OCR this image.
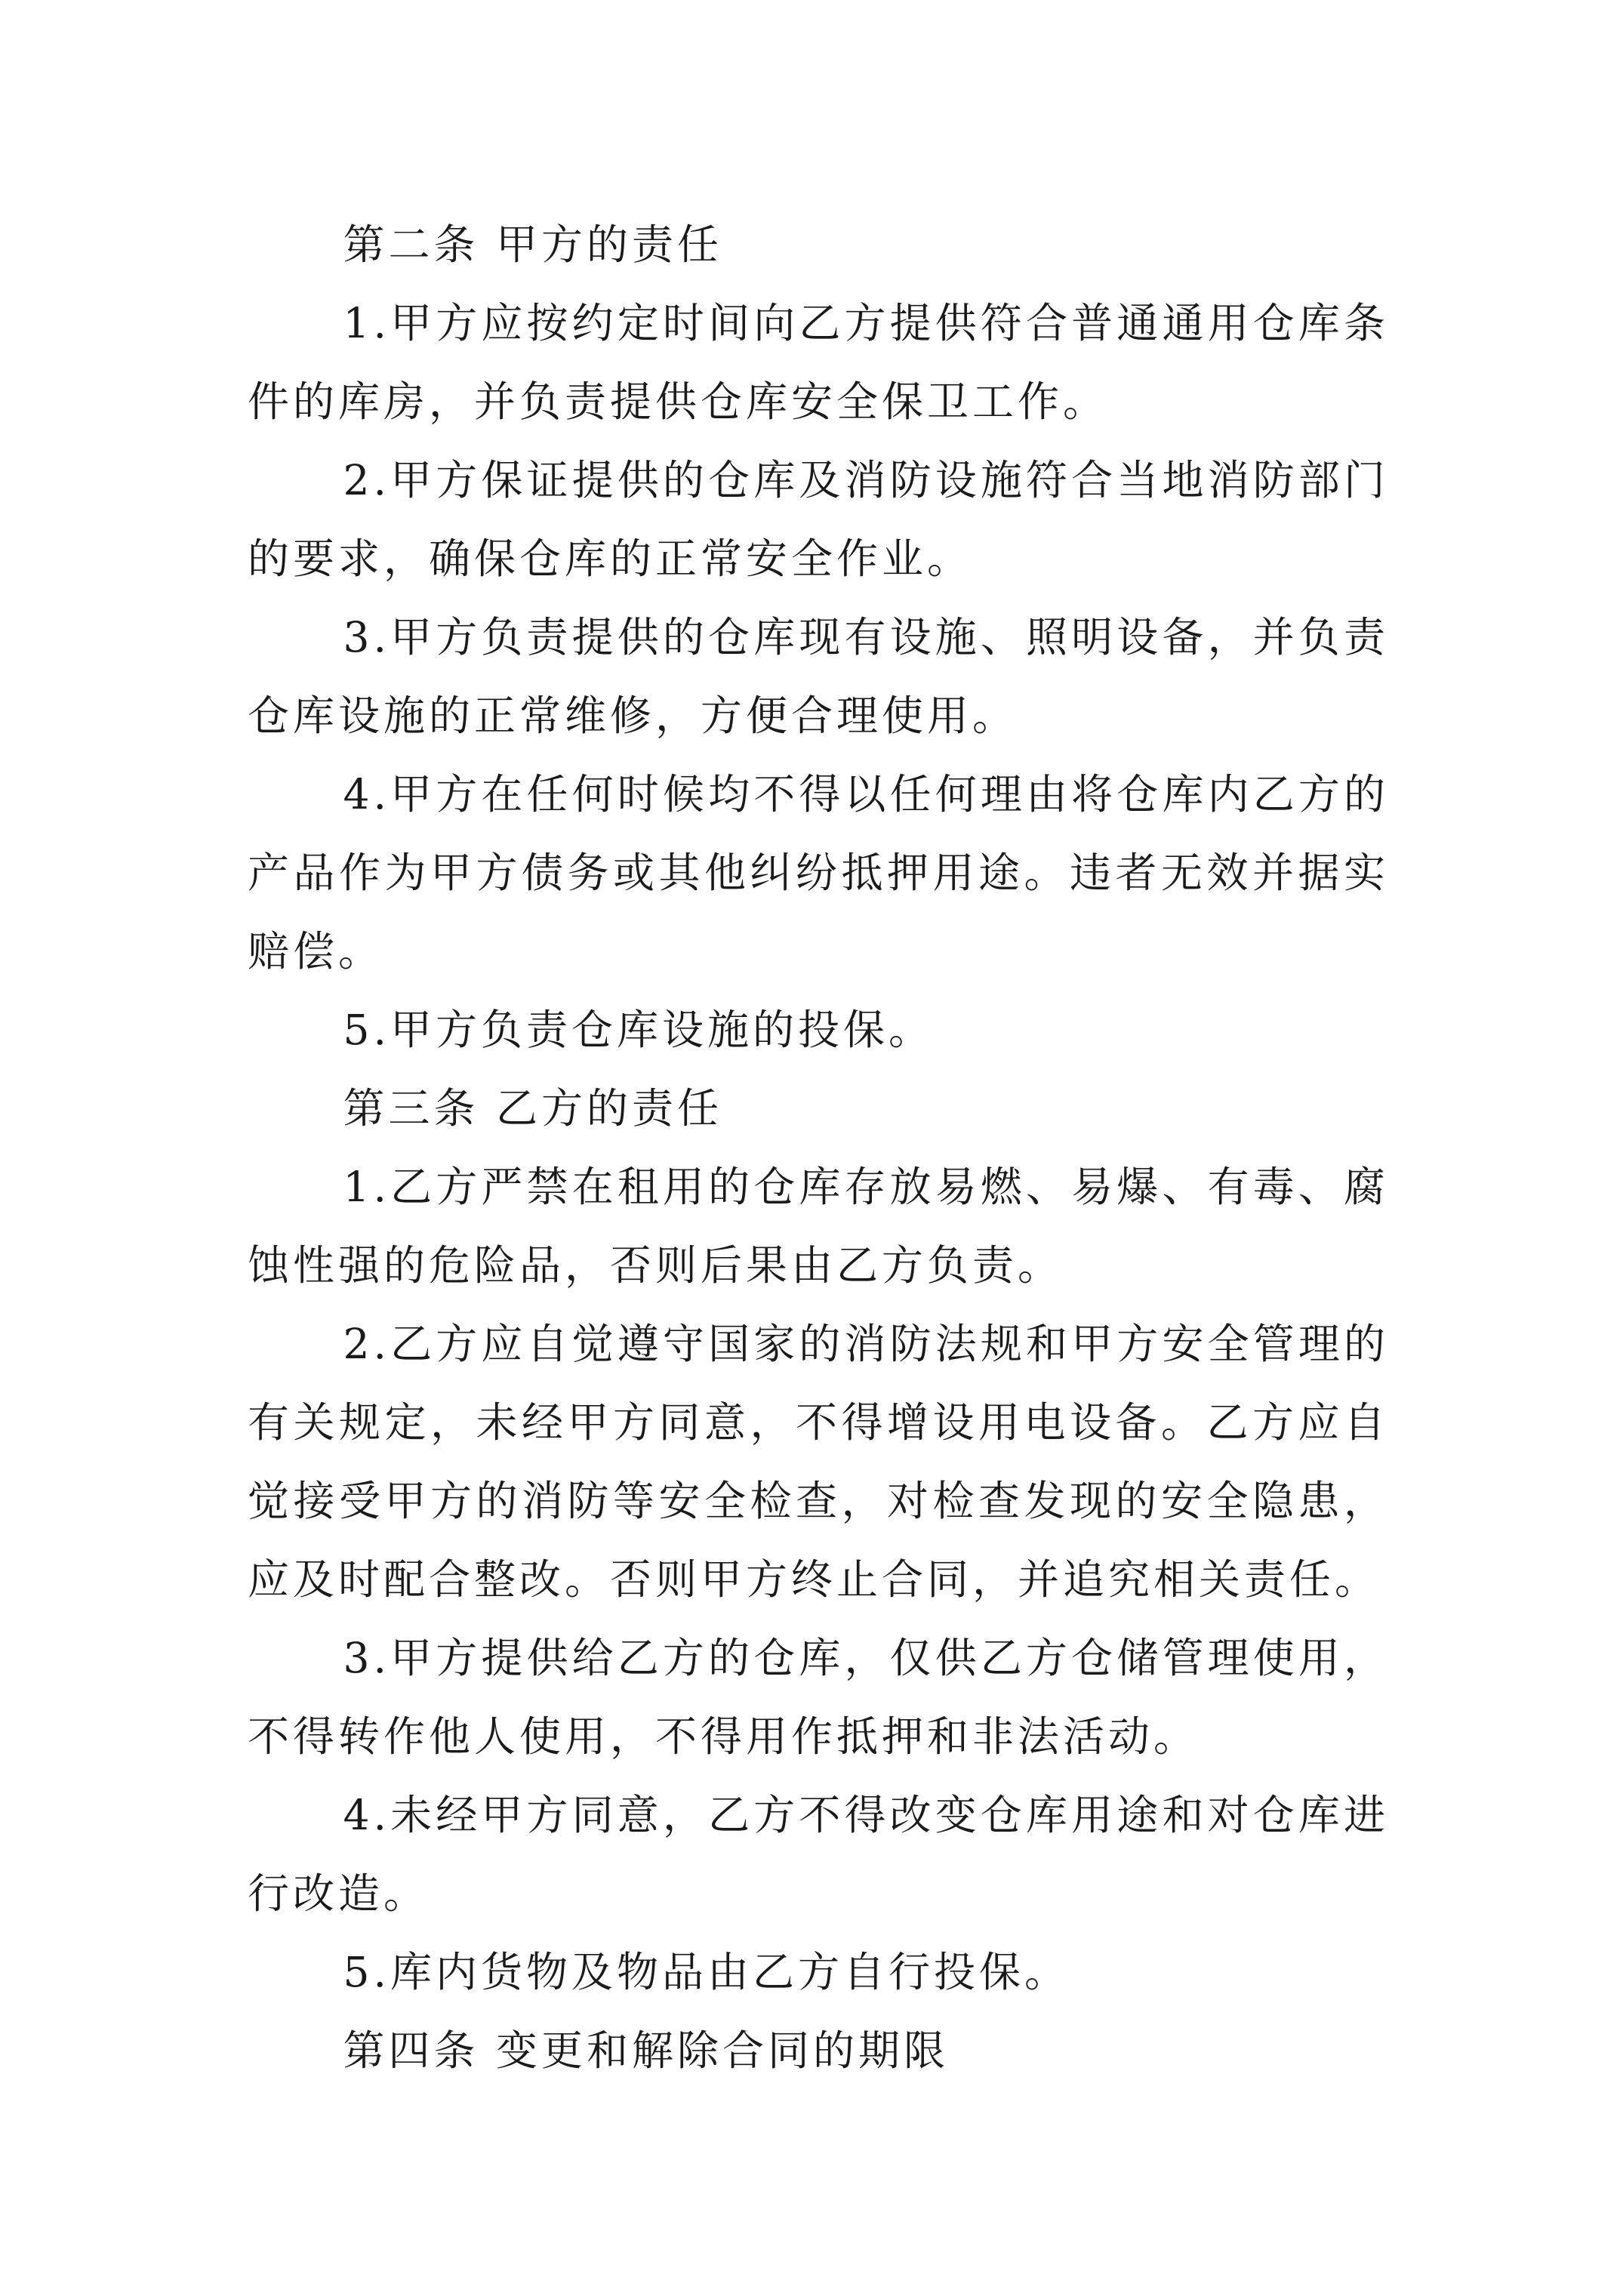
第二条 甲方的责任

1.甲方应按约定时间向乙方提供符合普通通用仓库条件的库房，并负责提供仓库安全保卫工作。

2.甲方保证提供的仓库及消防设施符合当地消防部门的要求，确保仓库的正常安全作业。

3.甲方负责提供的仓库现有设施、照明设备，并负责仓库设施的正常维修，方便合理使用。

4.甲方在任何时候均不得以任何理由将仓库内乙方的产品作为甲方债务或其他纠纷抵押用途。违者无效并据实赔偿。

5.甲方负责仓库设施的投保。

第三条 乙方的责任

1.乙方严禁在租用的仓库存放易燃、易爆、有毒、腐蚀性强的危险品，否则后果由乙方负责。

2.乙方应自觉遵守国家的消防法规和甲方安全管理的有关规定，未经甲方同意，不得增设用电设备。乙方应自觉接受甲方的消防等安全检查，对检查发现的安全隐患，应及时配合整改。否则甲方终止合同，并追究相关责任。

3.甲方提供给乙方的仓库，仅供乙方仓储管理使用，不得转作他人使用，不得用作抵押和非法活动。

4.未经甲方同意，乙方不得改变仓库用途和对仓库进行改造。

5.库内货物及物品由乙方自行投保。

第四条 变更和解除合同的期限
